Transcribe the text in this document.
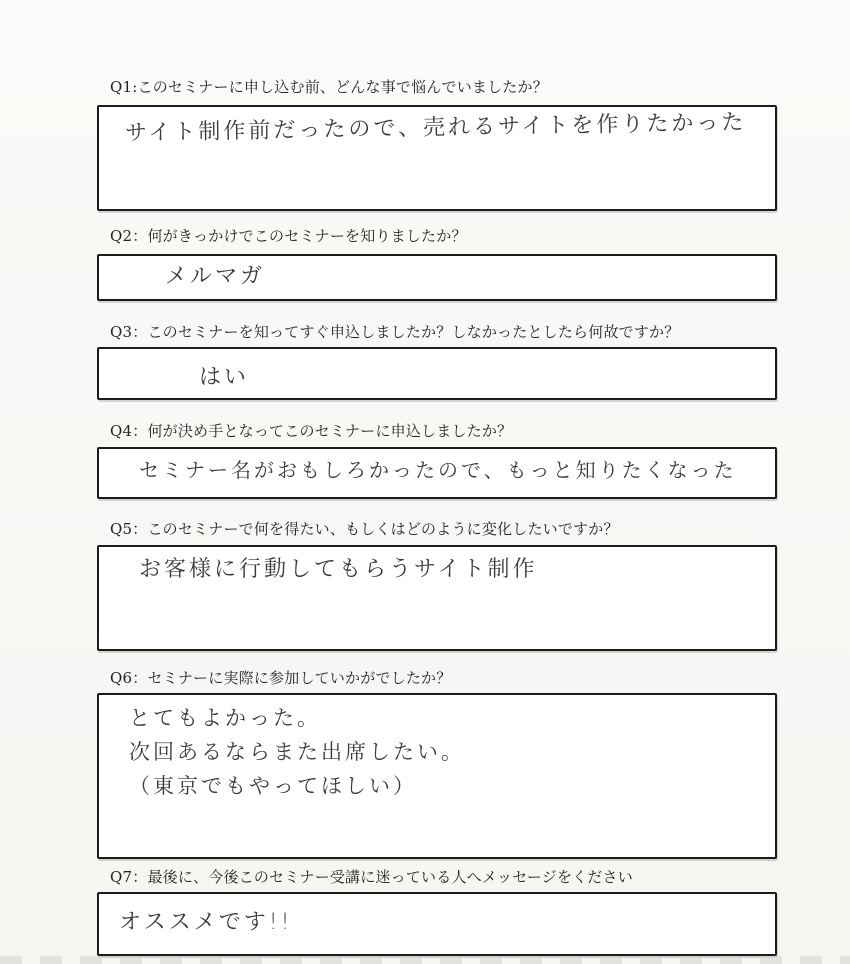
Q1:このセミナーに申し込む前、どんな事で悩んでいましたか？
サイト制作前だったので、売れるサイトを作りたかった
Q2：何がきっかけでこのセミナーを知りましたか？
メルマガ
Q3：このセミナーを知ってすぐ申込しましたか？しなかったとしたら何故ですか？
はい
Q4：何が決め手となってこのセミナーに申込しましたか？
セミナー名がおもしろかったので、もっと知りたくなった
Q5：このセミナーで何を得たい、もしくはどのように変化したいですか？
お客様に行動してもらうサイト制作
Q6：セミナーに実際に参加していかがでしたか？
とてもよかった。
次回あるならまた出席したい。
（東京でもやってほしい）
Q7：最後に、今後このセミナー受講に迷っている人へメッセージをください
オススメです!!
